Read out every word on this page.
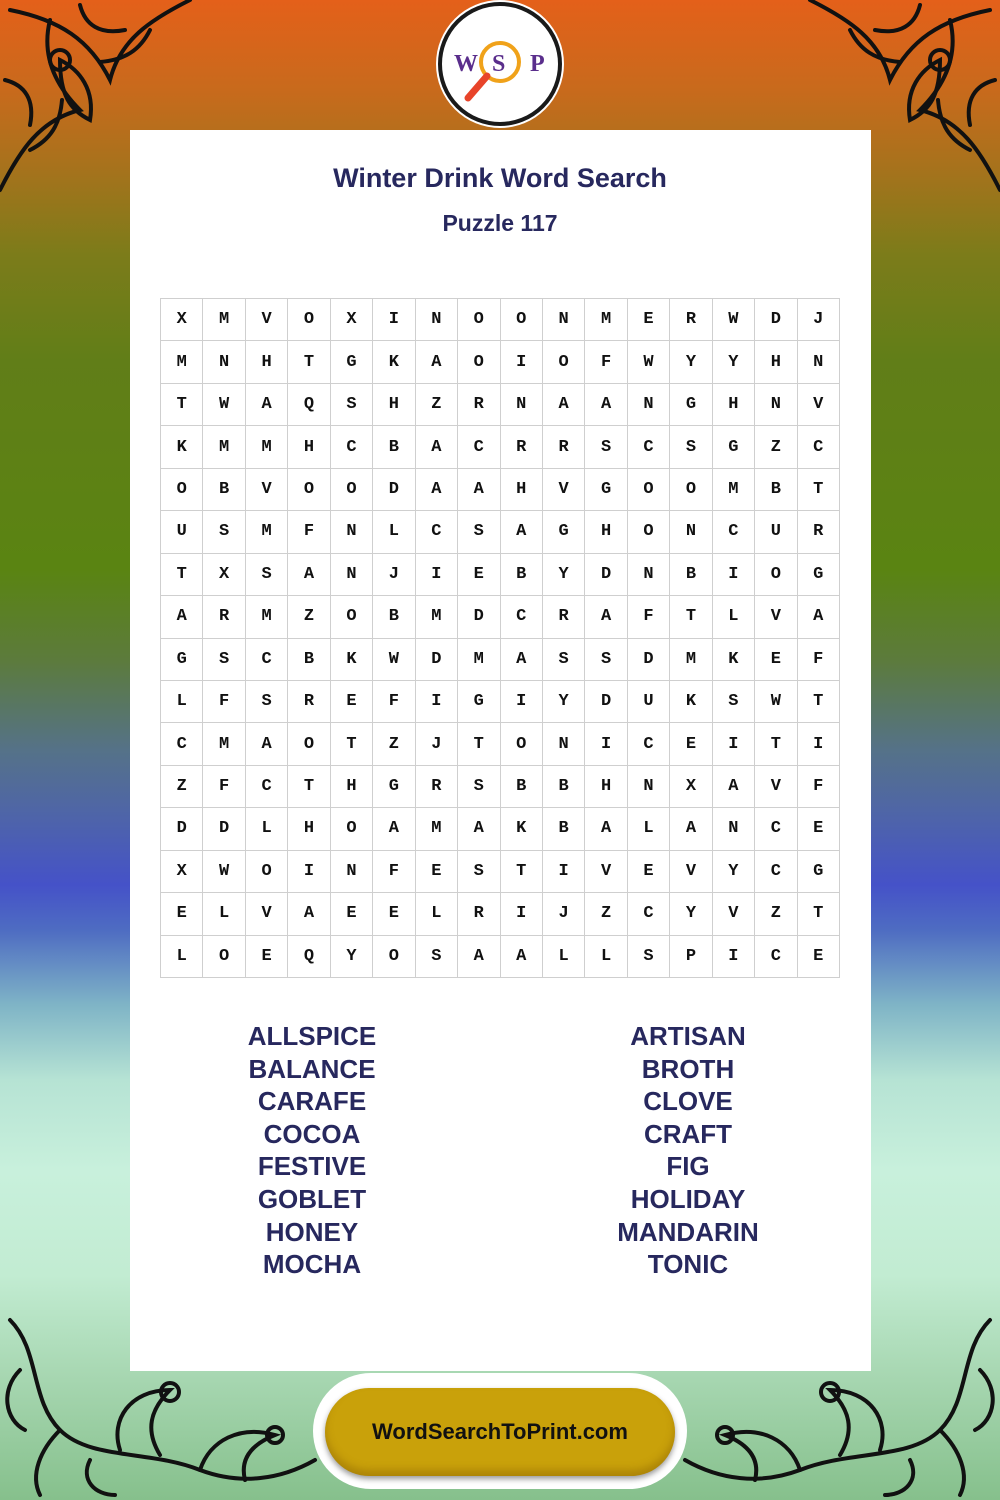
W S P
Winter Drink Word Search
Puzzle 117
X	M	V	O	X	I	N	O	O	N	M	E	R	W	D	J
M	N	H	T	G	K	A	O	I	O	F	W	Y	Y	H	N
T	W	A	Q	S	H	Z	R	N	A	A	N	G	H	N	V
K	M	M	H	C	B	A	C	R	R	S	C	S	G	Z	C
O	B	V	O	O	D	A	A	H	V	G	O	O	M	B	T
U	S	M	F	N	L	C	S	A	G	H	O	N	C	U	R
T	X	S	A	N	J	I	E	B	Y	D	N	B	I	O	G
A	R	M	Z	O	B	M	D	C	R	A	F	T	L	V	A
G	S	C	B	K	W	D	M	A	S	S	D	M	K	E	F
L	F	S	R	E	F	I	G	I	Y	D	U	K	S	W	T
C	M	A	O	T	Z	J	T	O	N	I	C	E	I	T	I
Z	F	C	T	H	G	R	S	B	B	H	N	X	A	V	F
D	D	L	H	O	A	M	A	K	B	A	L	A	N	C	E
X	W	O	I	N	F	E	S	T	I	V	E	V	Y	C	G
E	L	V	A	E	E	L	R	I	J	Z	C	Y	V	Z	T
L	O	E	Q	Y	O	S	A	A	L	L	S	P	I	C	E
ALLSPICE
BALANCE
CARAFE
COCOA
FESTIVE
GOBLET
HONEY
MOCHA
ARTISAN
BROTH
CLOVE
CRAFT
FIG
HOLIDAY
MANDARIN
TONIC
WordSearchToPrint.com
